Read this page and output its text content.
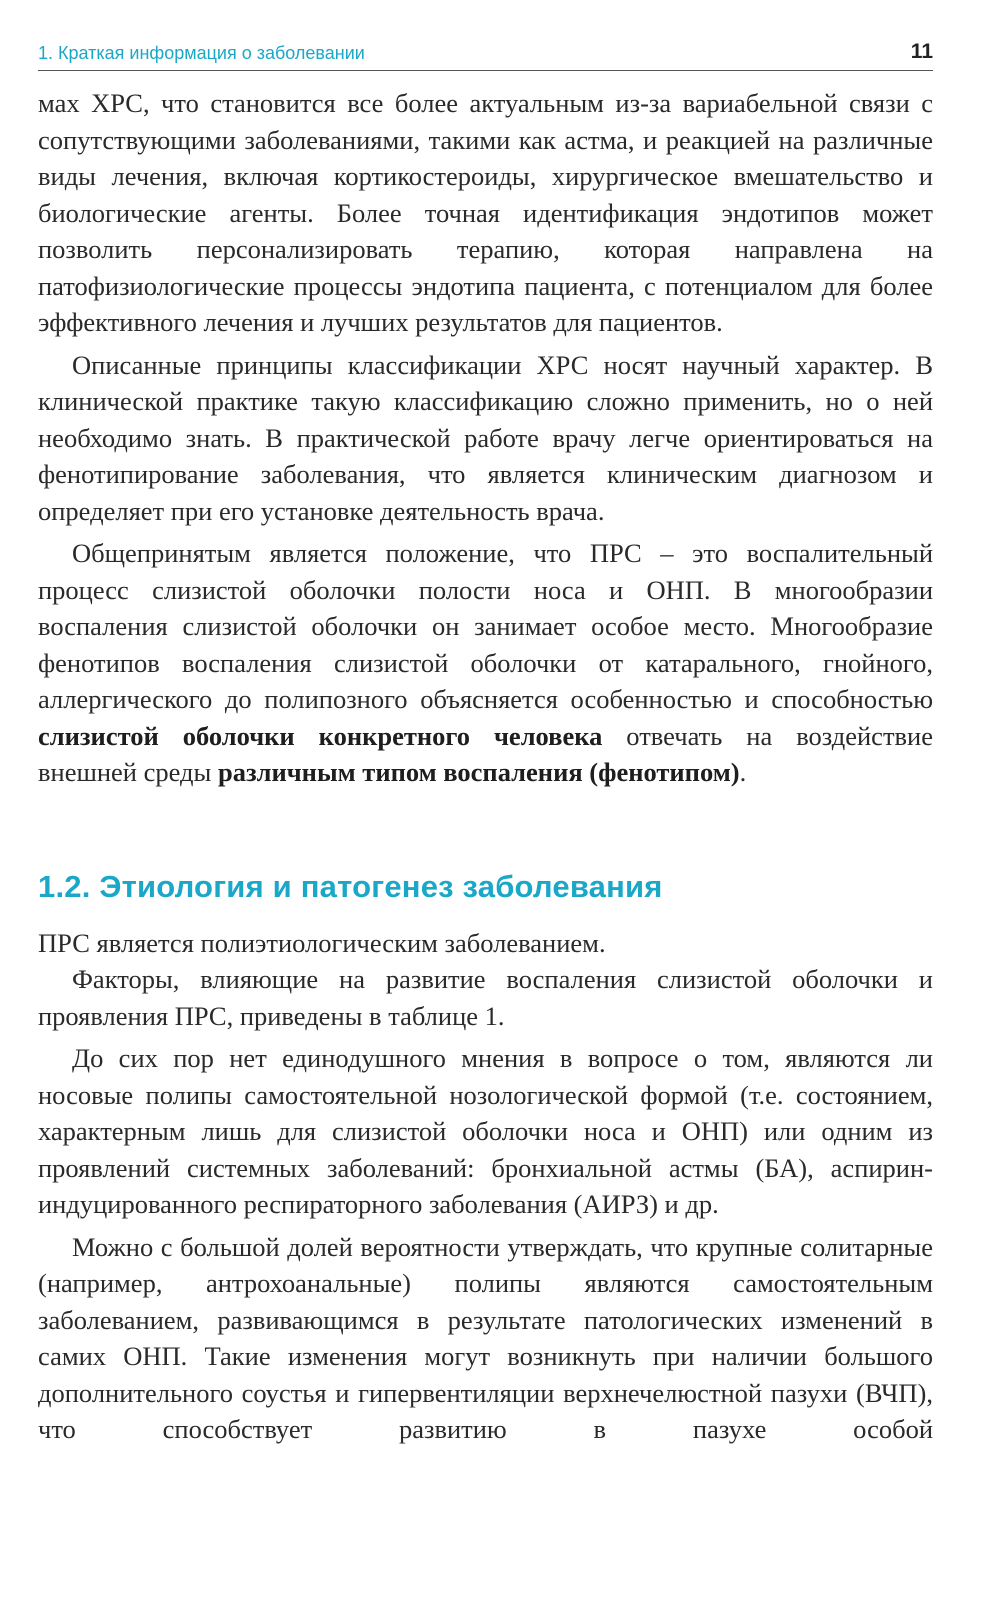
1. Краткая информация о заболевании	11

мах ХРС, что становится все более актуальным из-за вариабельной связи с сопутствующими заболеваниями, такими как астма, и реакцией на различные виды лечения, включая кортикостероиды, хирургическое вмешательство и биологические агенты. Более точная идентификация эндотипов может позволить персонализировать терапию, которая направлена на патофизиологические процессы эндотипа пациента, с потенциалом для более эффективного лечения и лучших результатов для пациентов.

Описанные принципы классификации ХРС носят научный характер. В клинической практике такую классификацию сложно применить, но о ней необходимо знать. В практической работе врачу легче ориентироваться на фенотипирование заболевания, что является клиническим диагнозом и определяет при его установке деятельность врача.

Общепринятым является положение, что ПРС – это воспалительный процесс слизистой оболочки полости носа и ОНП. В многообразии воспаления слизистой оболочки он занимает особое место. Многообразие фенотипов воспаления слизистой оболочки от катарального, гнойного, аллергического до полипозного объясняется особенностью и способностью слизистой оболочки конкретного человека отвечать на воздействие внешней среды различным типом воспаления (фенотипом).

1.2. Этиология и патогенез заболевания

ПРС является полиэтиологическим заболеванием.

Факторы, влияющие на развитие воспаления слизистой оболочки и проявления ПРС, приведены в таблице 1.

До сих пор нет единодушного мнения в вопросе о том, являются ли носовые полипы самостоятельной нозологической формой (т.е. состоянием, характерным лишь для слизистой оболочки носа и ОНП) или одним из проявлений системных заболеваний: бронхиальной астмы (БА), аспирин-индуцированного респираторного заболевания (АИРЗ) и др.

Можно с большой долей вероятности утверждать, что крупные солитарные (например, антрохоанальные) полипы являются самостоятельным заболеванием, развивающимся в результате патологических изменений в самих ОНП. Такие изменения могут возникнуть при наличии большого дополнительного соустья и гипервентиляции верхнечелюстной пазухи (ВЧП), что способствует развитию в пазухе особой
